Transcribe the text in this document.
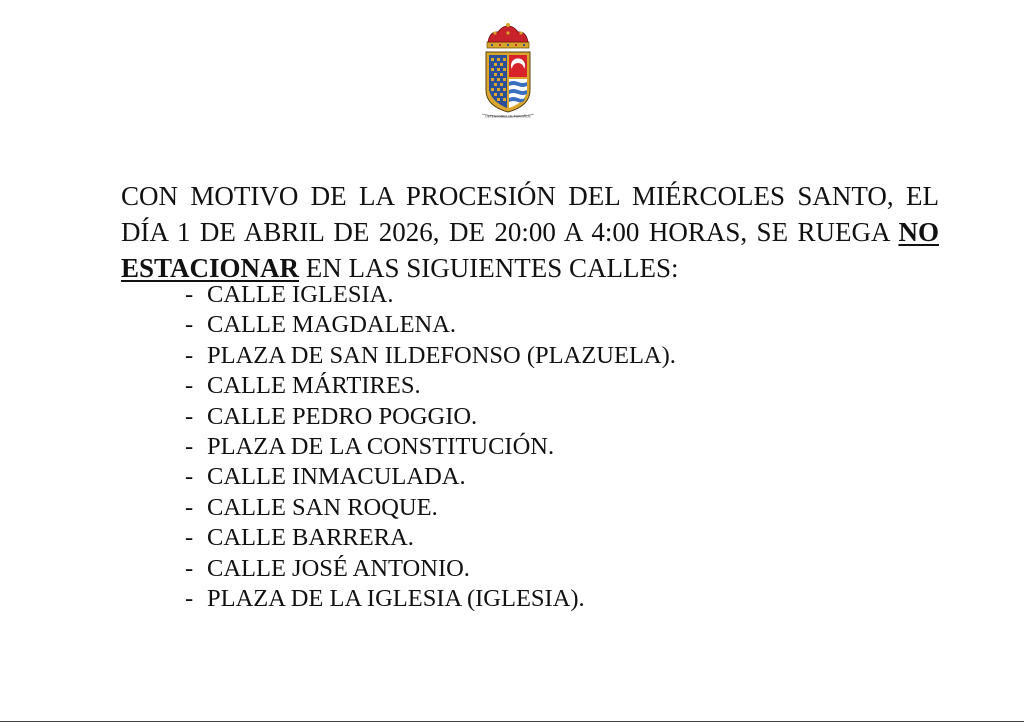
DEFENSORES DE PORRIÑOS

CON MOTIVO DE LA PROCESIÓN DEL MIÉRCOLES SANTO, EL DÍA 1 DE ABRIL DE 2026, DE 20:00 A 4:00 HORAS, SE RUEGA NO ESTACIONAR EN LAS SIGUIENTES CALLES:

- CALLE IGLESIA.
- CALLE MAGDALENA.
- PLAZA DE SAN ILDEFONSO (PLAZUELA).
- CALLE MÁRTIRES.
- CALLE PEDRO POGGIO.
- PLAZA DE LA CONSTITUCIÓN.
- CALLE INMACULADA.
- CALLE SAN ROQUE.
- CALLE BARRERA.
- CALLE JOSÉ ANTONIO.
- PLAZA DE LA IGLESIA (IGLESIA).
